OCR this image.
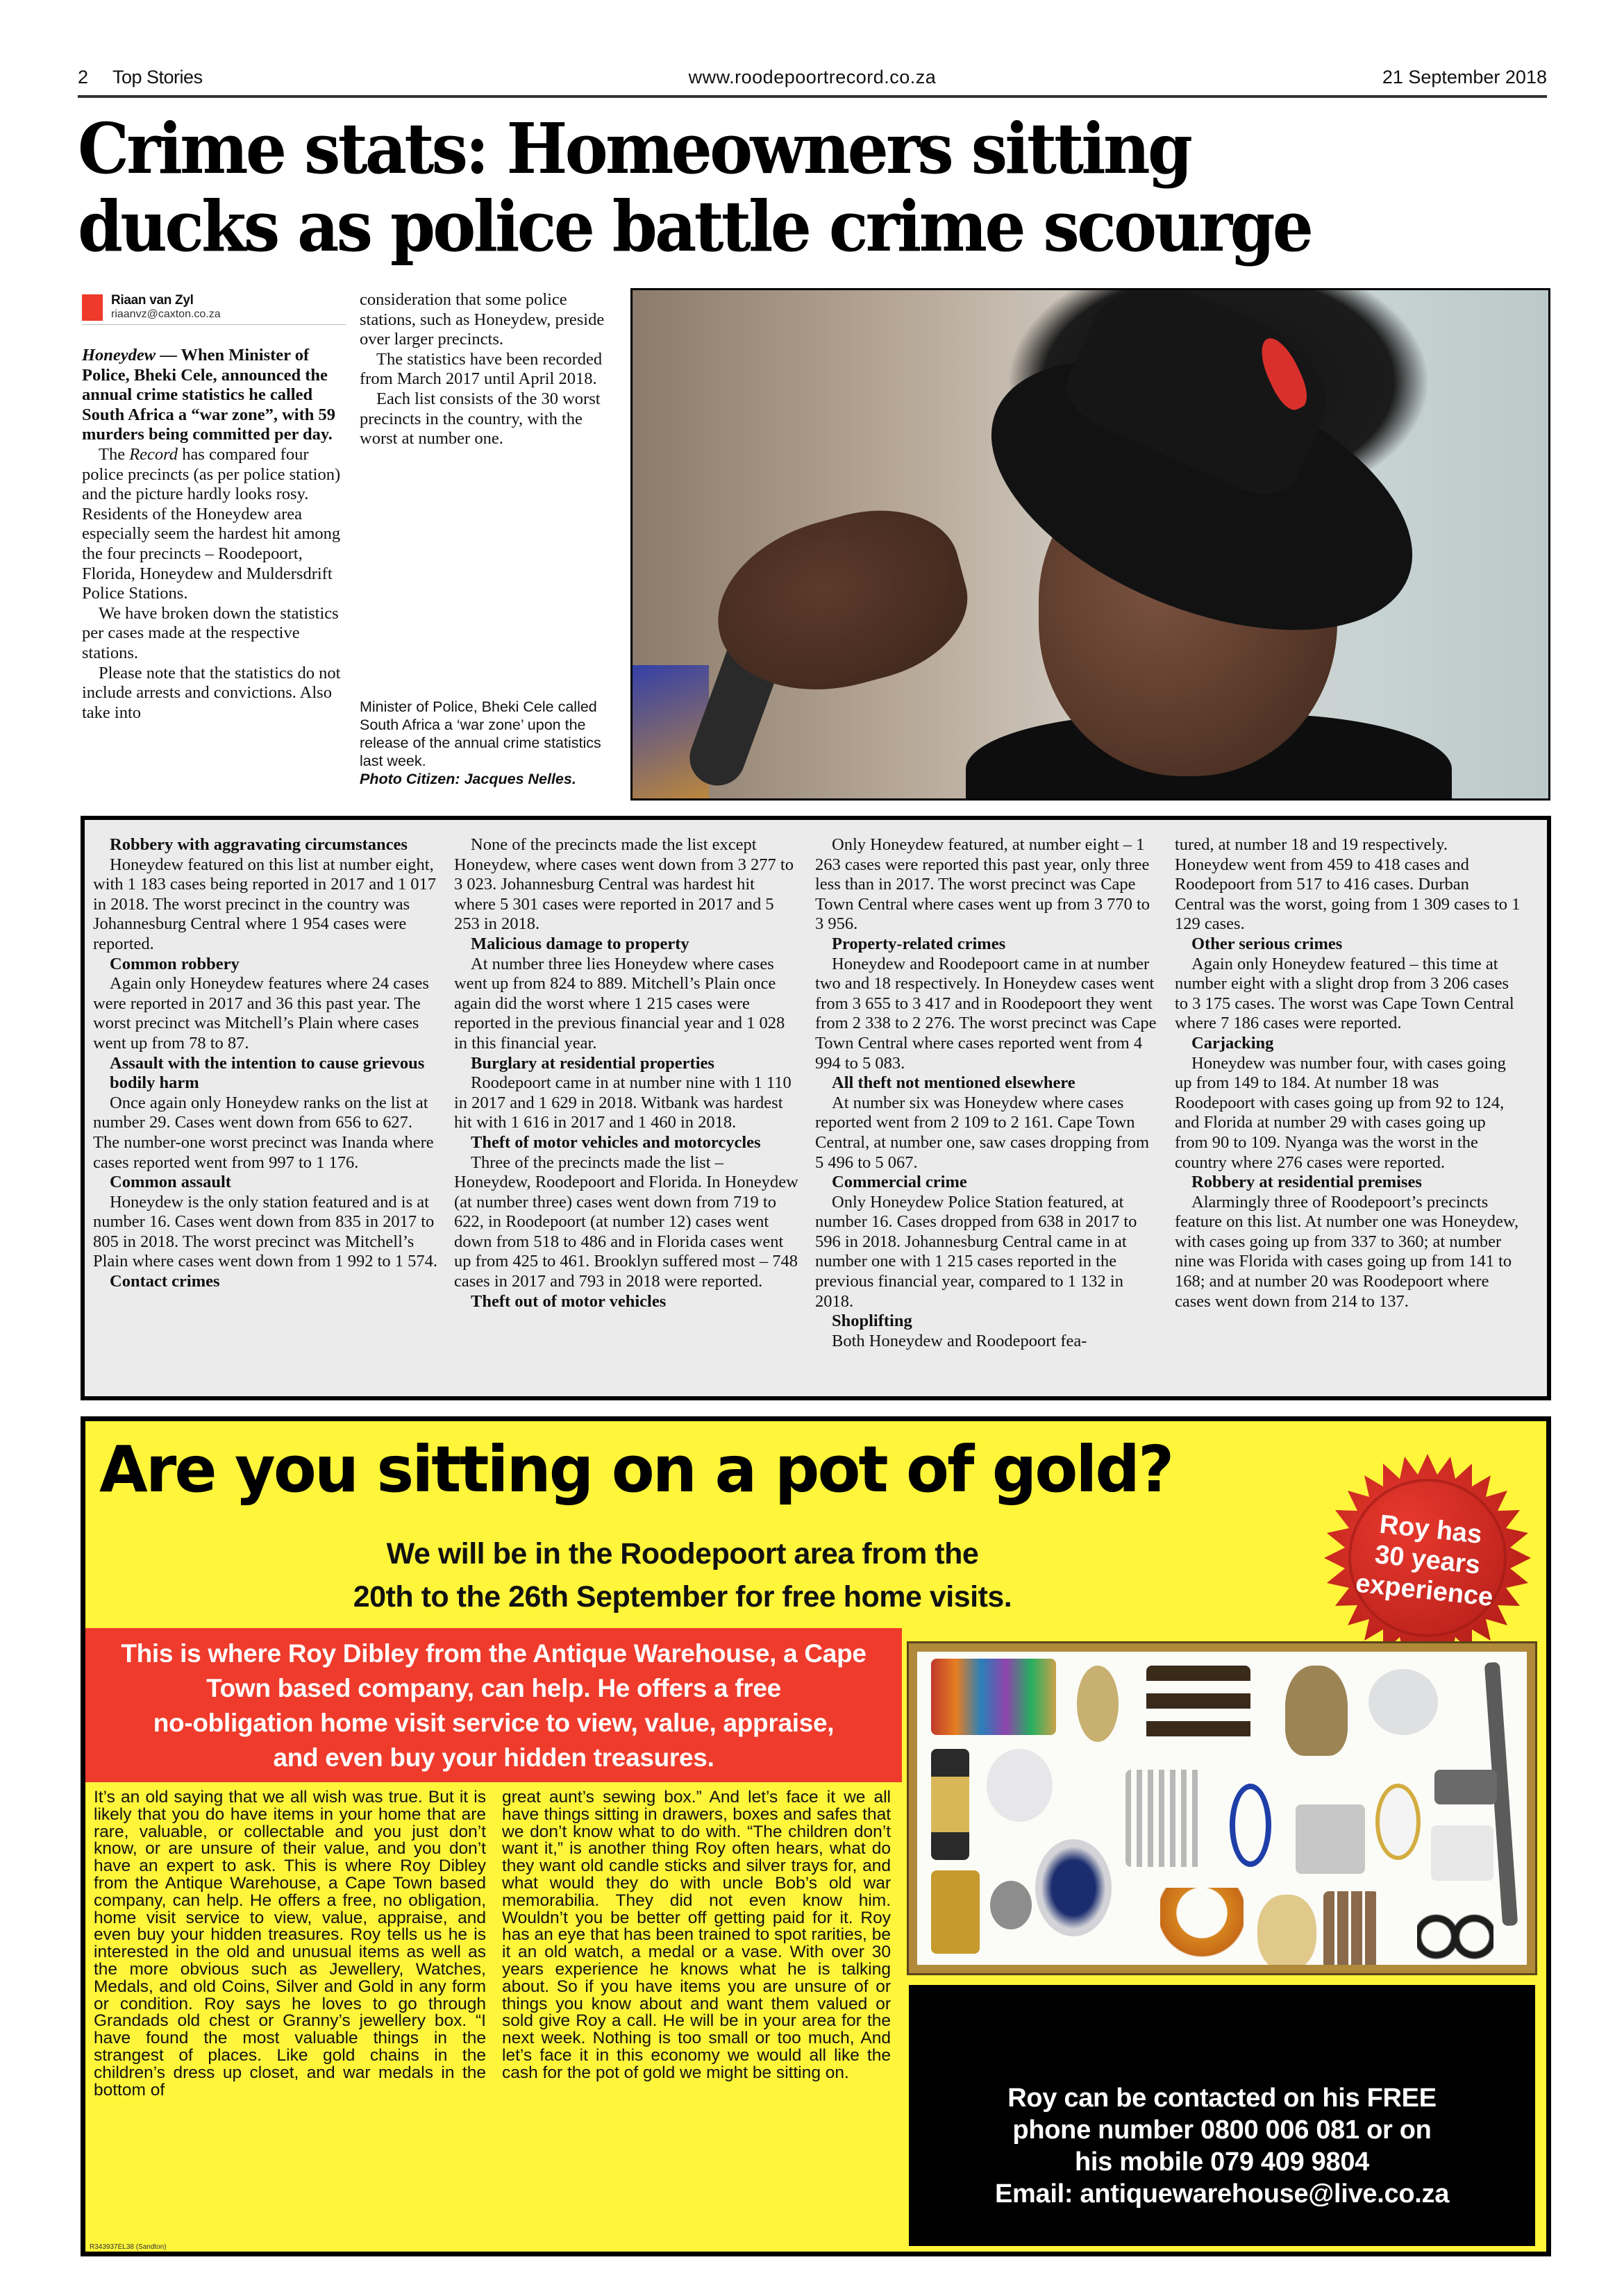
2 Top Stories	www.roodepoortrecord.co.za	21 September 2018
Crime stats: Homeowners sitting
ducks as police battle crime scourge
Riaan van Zyl
riaanvz@caxton.co.za

Honeydew — When Minister of Police, Bheki Cele, announced the annual crime statistics he called South Africa a “war zone”, with 59 murders being committed per day.

The Record has compared four police precincts (as per police station) and the picture hardly looks rosy. Residents of the Honeydew area especially seem the hardest hit among the four precincts – Roodepoort, Florida, Honeydew and Muldersdrift Police Stations.

We have broken down the statistics per cases made at the respective stations.

Please note that the statistics do not include arrests and convictions. Also take into

consideration that some police stations, such as Honeydew, preside over larger precincts.

The statistics have been recorded from March 2017 until April 2018.

Each list consists of the 30 worst precincts in the country, with the worst at number one.

Minister of Police, Bheki Cele called South Africa a ‘war zone’ upon the release of the annual crime statistics last week.
Photo Citizen: Jacques Nelles.
Robbery with aggravating circumstances

Honeydew featured on this list at number eight, with 1 183 cases being reported in 2017 and 1 017 in 2018. The worst precinct in the country was Johannesburg Central where 1 954 cases were reported.

Common robbery

Again only Honeydew features where 24 cases were reported in 2017 and 36 this past year. The worst precinct was Mitchell’s Plain where cases went up from 78 to 87.

Assault with the intention to cause grievous bodily harm

Once again only Honeydew ranks on the list at number 29. Cases went down from 656 to 627. The number-one worst precinct was Inanda where cases reported went from 997 to 1 176.

Common assault

Honeydew is the only station featured and is at number 16. Cases went down from 835 in 2017 to 805 in 2018. The worst precinct was Mitchell’s Plain where cases went down from 1 992 to 1 574.

Contact crimes

None of the precincts made the list except Honeydew, where cases went down from 3 277 to 3 023. Johannesburg Central was hardest hit where 5 301 cases were reported in 2017 and 5 253 in 2018.

Malicious damage to property

At number three lies Honeydew where cases went up from 824 to 889. Mitchell’s Plain once again did the worst where 1 215 cases were reported in the previous financial year and 1 028 in this financial year.

Burglary at residential properties

Roodepoort came in at number nine with 1 110 in 2017 and 1 629 in 2018. Witbank was hardest hit with 1 616 in 2017 and 1 460 in 2018.

Theft of motor vehicles and motorcycles

Three of the precincts made the list – Honeydew, Roodepoort and Florida. In Honeydew (at number three) cases went down from 719 to 622, in Roodepoort (at number 12) cases went down from 518 to 486 and in Florida cases went up from 425 to 461. Brooklyn suffered most – 748 cases in 2017 and 793 in 2018 were reported.

Theft out of motor vehicles

Only Honeydew featured, at number eight – 1 263 cases were reported this past year, only three less than in 2017. The worst precinct was Cape Town Central where cases went up from 3 770 to 3 956.

Property-related crimes

Honeydew and Roodepoort came in at number two and 18 respectively. In Honeydew cases went from 3 655 to 3 417 and in Roodepoort they went from 2 338 to 2 276. The worst precinct was Cape Town Central where cases reported went from 4 994 to 5 083.

All theft not mentioned elsewhere

At number six was Honeydew where cases reported went from 2 109 to 2 161. Cape Town Central, at number one, saw cases dropping from 5 496 to 5 067.

Commercial crime

Only Honeydew Police Station featured, at number 16. Cases dropped from 638 in 2017 to 596 in 2018. Johannesburg Central came in at number one with 1 215 cases reported in the previous financial year, compared to 1 132 in 2018.

Shoplifting

Both Honeydew and Roodepoort fea-

tured, at number 18 and 19 respectively. Honeydew went from 459 to 418 cases and Roodepoort from 517 to 416 cases. Durban Central was the worst, going from 1 309 cases to 1 129 cases.

Other serious crimes

Again only Honeydew featured – this time at number eight with a slight drop from 3 206 cases to 3 175 cases. The worst was Cape Town Central where 7 186 cases were reported.

Carjacking

Honeydew was number four, with cases going up from 149 to 184. At number 18 was Roodepoort with cases going up from 92 to 124, and Florida at number 29 with cases going up from 90 to 109. Nyanga was the worst in the country where 276 cases were reported.

Robbery at residential premises

Alarmingly three of Roodepoort’s precincts feature on this list. At number one was Honeydew, with cases going up from 337 to 360; at number nine was Florida with cases going up from 141 to 168; and at number 20 was Roodepoort where cases went down from 214 to 137.

Are you sitting on a pot of gold?
We will be in the Roodepoort area from the
20th to the 26th September for free home visits.
Roy has
30 years
experience
This is where Roy Dibley from the Antique Warehouse, a Cape
Town based company, can help. He offers a free
no-obligation home visit service to view, value, appraise,
and even buy your hidden treasures.
It’s an old saying that we all wish was true. But it is likely that you do have items in your home that are rare, valuable, or collectable and you just don’t know, or are unsure of their value, and you don’t have an expert to ask. This is where Roy Dibley from the Antique Warehouse, a Cape Town based company, can help. He offers a free, no obligation, home visit service to view, value, appraise, and even buy your hidden treasures. Roy tells us he is interested in the old and unusual items as well as the more obvious such as Jewellery, Watches, Medals, and old Coins, Silver and Gold in any form or condition. Roy says he loves to go through Grandads old chest or Granny’s jewellery box. “I have found the most valuable things in the strangest of places. Like gold chains in the children’s dress up closet, and war medals in the bottom of
great aunt’s sewing box.” And let’s face it we all have things sitting in drawers, boxes and safes that we don’t know what to do with. “The children don’t want it,” is another thing Roy often hears, what do they want old candle sticks and silver trays for, and what would they do with uncle Bob’s old war memorabilia. They did not even know him. Wouldn’t you be better off getting paid for it. Roy has an eye that has been trained to spot rarities, be it an old watch, a medal or a vase. With over 30 years experience he knows what he is talking about. So if you have items you are unsure of or things you know about and want them valued or sold give Roy a call. He will be in your area for the next week. Nothing is too small or too much, And let’s face it in this economy we would all like the cash for the pot of gold we might be sitting on.
Roy can be contacted on his FREE
phone number 0800 006 081 or on
his mobile 079 409 9804
Email: antiquewarehouse@live.co.za
R343937EL38 (Sandton)
